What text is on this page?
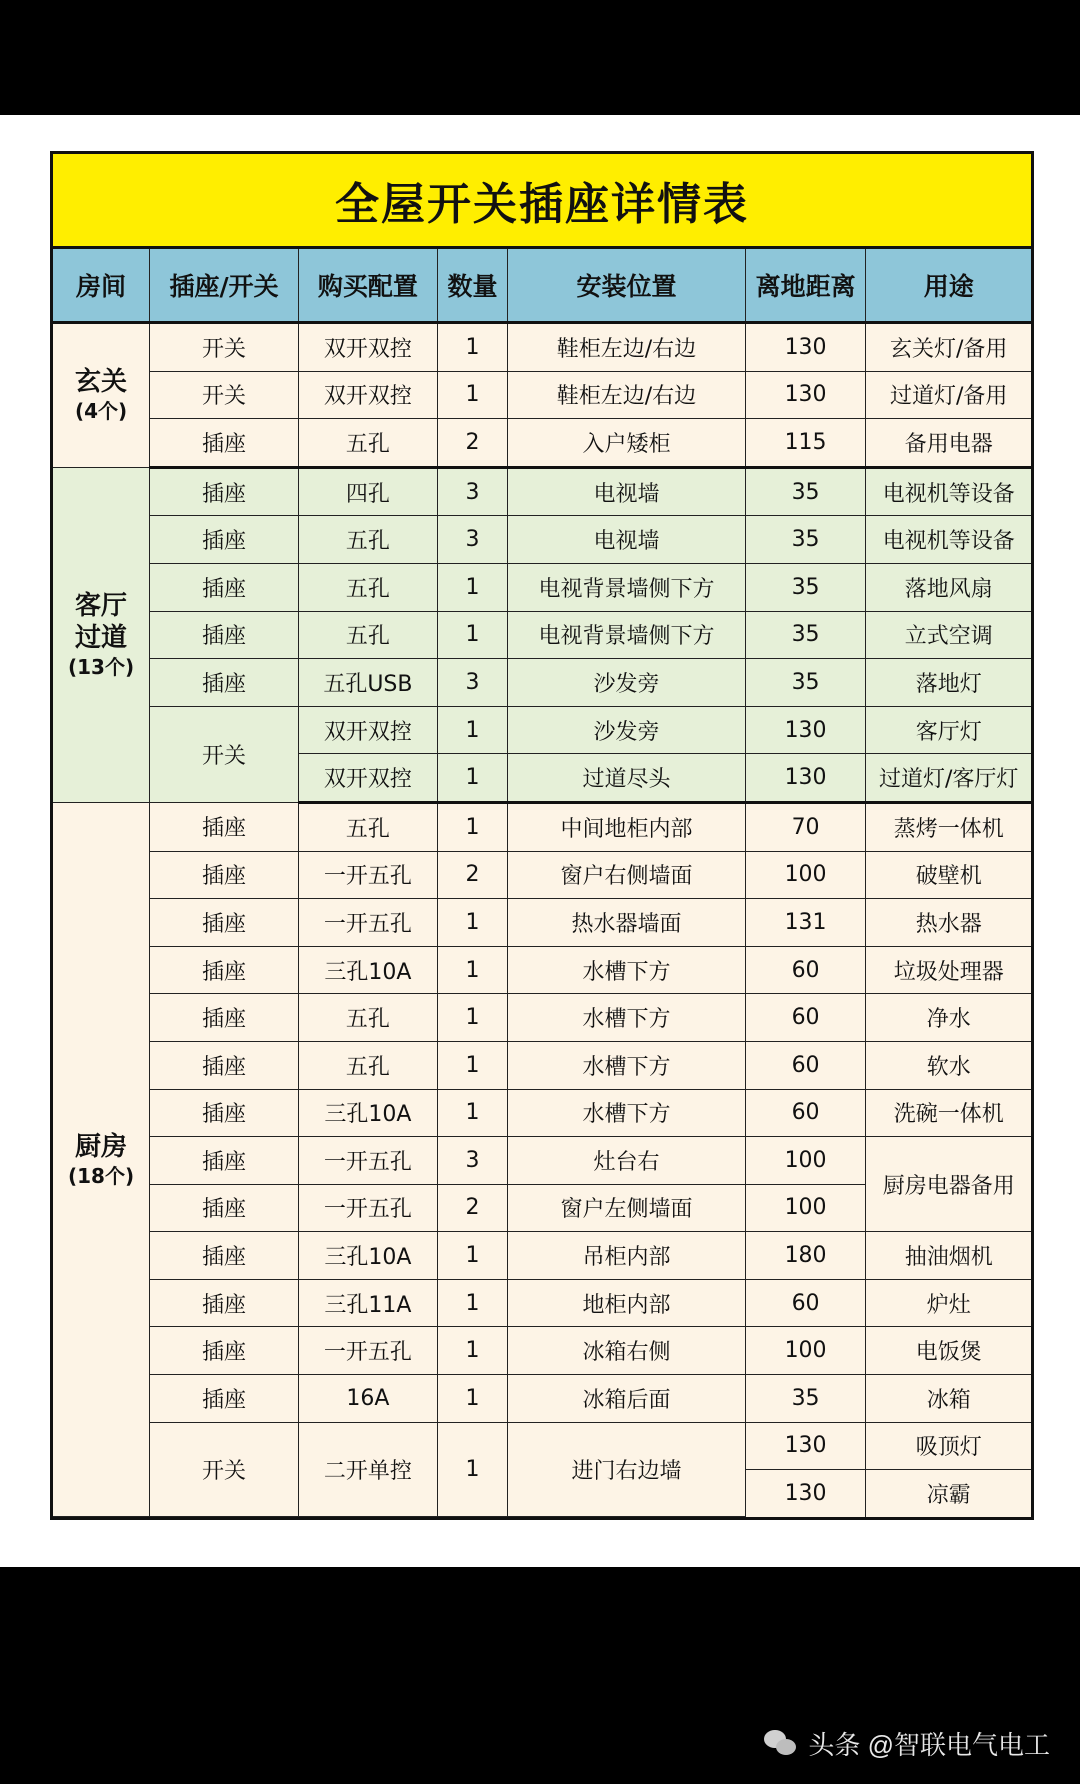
全屋开关插座详情表
房间	插座/开关	购买配置	数量	安装位置	离地距离	用途

玄关
(4个)	开关	双开双控	1	鞋柜左边/右边	130	玄关灯/备用
	开关	双开双控	1	鞋柜左边/右边	130	过道灯/备用
	插座	五孔	2	入户矮柜	115	备用电器

客厅
过道
(13个)	插座	四孔	3	电视墙	35	电视机等设备
	插座	五孔	3	电视墙	35	电视机等设备
	插座	五孔	1	电视背景墙侧下方	35	落地风扇
	插座	五孔	1	电视背景墙侧下方	35	立式空调
	插座	五孔USB	3	沙发旁	35	落地灯
	开关	双开双控	1	沙发旁	130	客厅灯
		双开双控	1	过道尽头	130	过道灯/客厅灯

厨房
(18个)	插座	五孔	1	中间地柜内部	70	蒸烤一体机
	插座	一开五孔	2	窗户右侧墙面	100	破壁机
	插座	一开五孔	1	热水器墙面	131	热水器
	插座	三孔10A	1	水槽下方	60	垃圾处理器
	插座	五孔	1	水槽下方	60	净水
	插座	五孔	1	水槽下方	60	软水
	插座	三孔10A	1	水槽下方	60	洗碗一体机
	插座	一开五孔	3	灶台右	100	厨房电器备用
	插座	一开五孔	2	窗户左侧墙面	100	
	插座	三孔10A	1	吊柜内部	180	抽油烟机
	插座	三孔11A	1	地柜内部	60	炉灶
	插座	一开五孔	1	冰箱右侧	100	电饭煲
	插座	16A	1	冰箱后面	35	冰箱
	开关	二开单控	1	进门右边墙	130	吸顶灯
					130	凉霸
头条 @智联电气电工
